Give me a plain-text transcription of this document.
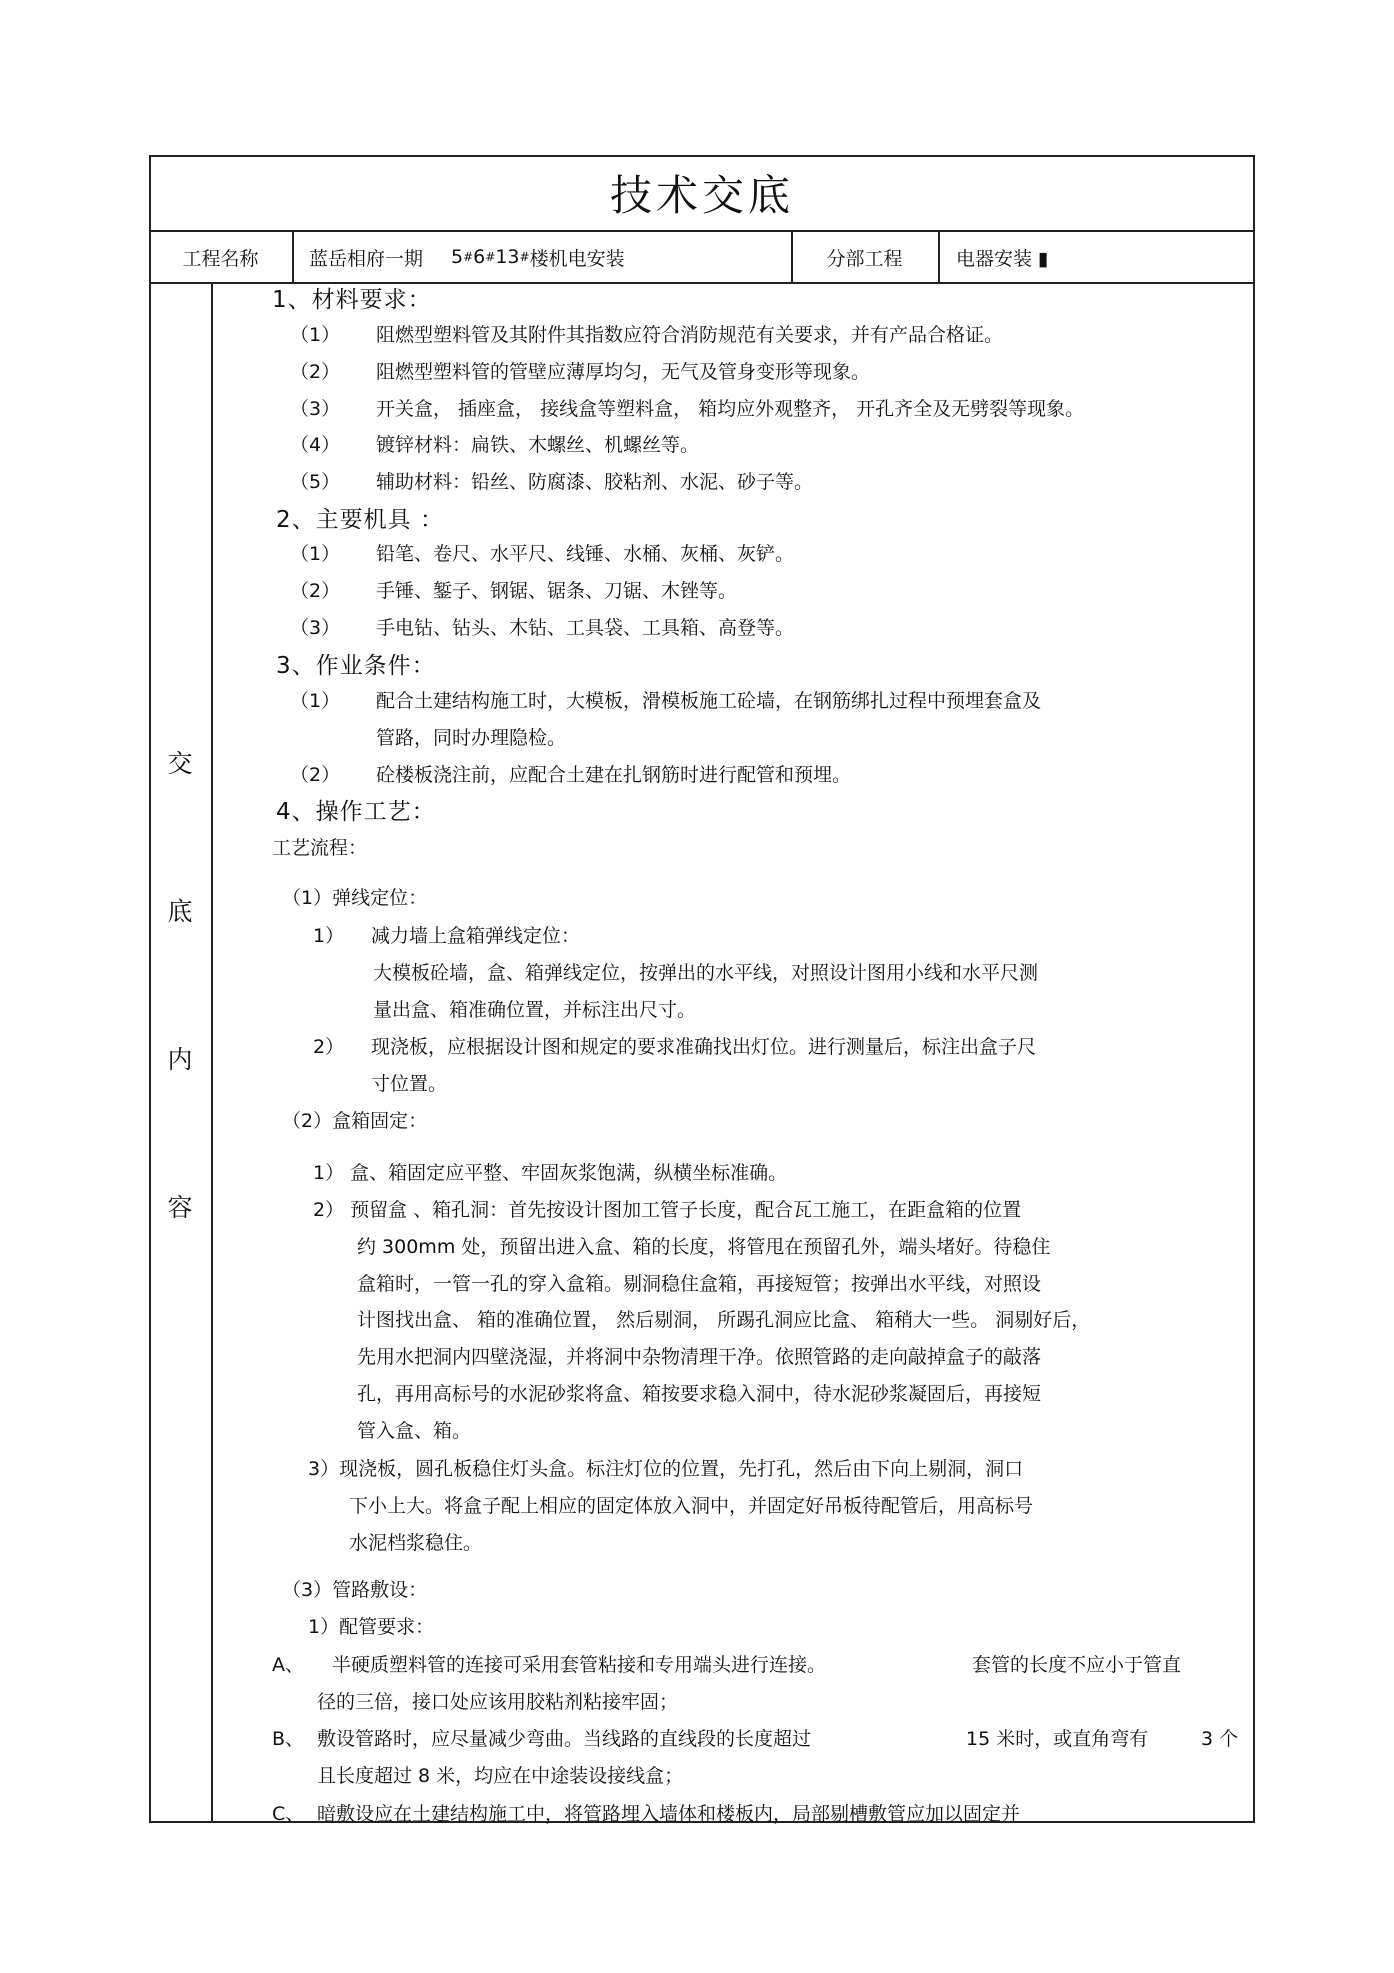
技术交底
工程名称	蓝岳相府一期 5 # 6 # 13 # 楼机电安装	分部工程	电器安装 ▮
交
底
内
容
1、材料要求：
（1） 阻燃型塑料管及其附件其指数应符合消防规范有关要求，并有产品合格证。
（2） 阻燃型塑料管的管壁应薄厚均匀，无气及管身变形等现象。
（3） 开关盒， 插座盒， 接线盒等塑料盒， 箱均应外观整齐， 开孔齐全及无劈裂等现象。
（4） 镀锌材料：扁铁、木螺丝、机螺丝等。
（5） 辅助材料：铅丝、防腐漆、胶粘剂、水泥、砂子等。
2、主要机具 ：
（1） 铅笔、卷尺、水平尺、线锤、水桶、灰桶、灰铲。
（2） 手锤、錾子、钢锯、锯条、刀锯、木锉等。
（3） 手电钻、钻头、木钻、工具袋、工具箱、高登等。
3、作业条件：
（1） 配合土建结构施工时，大模板，滑模板施工砼墙，在钢筋绑扎过程中预埋套盒及
管路，同时办理隐检。
（2） 砼楼板浇注前，应配合土建在扎钢筋时进行配管和预埋。
4、操作工艺：
工艺流程：
（1）弹线定位：
1） 减力墙上盒箱弹线定位：
大模板砼墙，盒、箱弹线定位，按弹出的水平线，对照设计图用小线和水平尺测
量出盒、箱准确位置，并标注出尺寸。
2） 现浇板，应根据设计图和规定的要求准确找出灯位。进行测量后，标注出盒子尺
寸位置。
（2）盒箱固定：
1） 盒、箱固定应平整、牢固灰浆饱满，纵横坐标准确。
2） 预留盒 、箱孔洞：首先按设计图加工管子长度，配合瓦工施工，在距盒箱的位置
约 300mm 处，预留出进入盒、箱的长度，将管甩在预留孔外，端头堵好。待稳住
盒箱时，一管一孔的穿入盒箱。剔洞稳住盒箱，再接短管；按弹出水平线，对照设
计图找出盒、 箱的准确位置， 然后剔洞， 所踢孔洞应比盒、 箱稍大一些。 洞剔好后，
先用水把洞内四壁浇湿，并将洞中杂物清理干净。依照管路的走向敲掉盒子的敲落
孔，再用高标号的水泥砂浆将盒、箱按要求稳入洞中，待水泥砂浆凝固后，再接短
管入盒、箱。
3）现浇板，圆孔板稳住灯头盒。标注灯位的位置，先打孔，然后由下向上剔洞，洞口
下小上大。将盒子配上相应的固定体放入洞中，并固定好吊板待配管后，用高标号
水泥档浆稳住。
（3）管路敷设：
1）配管要求：
A、 半硬质塑料管的连接可采用套管粘接和专用端头进行连接。	套管的长度不应小于管直
径的三倍，接口处应该用胶粘剂粘接牢固；
B、 敷设管路时，应尽量减少弯曲。当线路的直线段的长度超过	15 米时，或直角弯有	3 个
且长度超过 8 米，均应在中途装设接线盒；
C、 暗敷设应在土建结构施工中，将管路埋入墙体和楼板内，局部剔槽敷管应加以固定并
